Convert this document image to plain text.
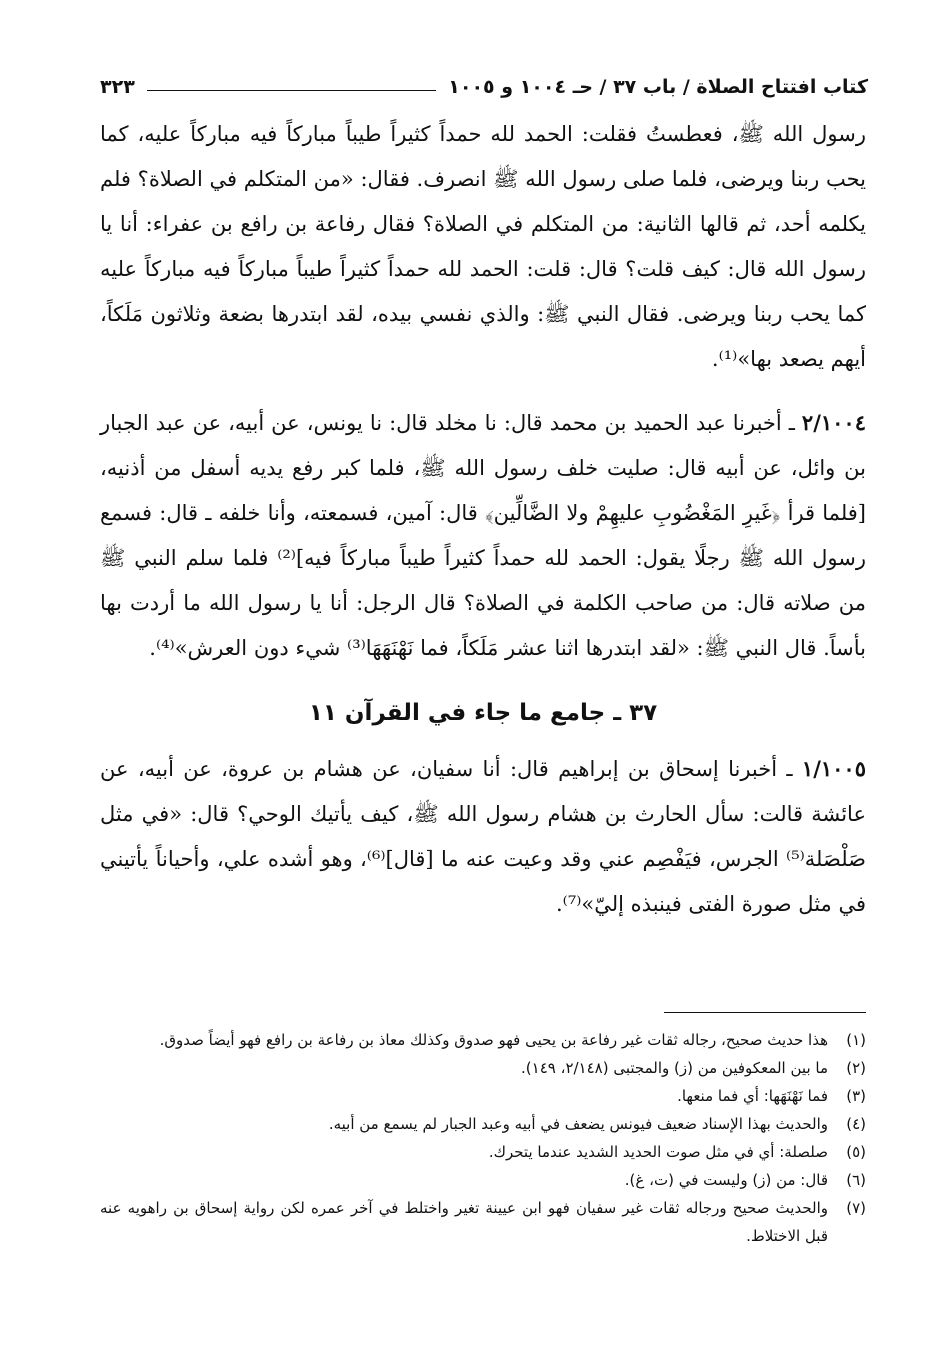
كتاب افتتاح الصلاة / باب ٣٧ / حـ ١٠٠٤ و ١٠٠٥
٣٢٣

رسول الله ﷺ، فعطستُ فقلت: الحمد لله حمداً كثيراً طيباً مباركاً فيه مباركاً عليه، كما يحب ربنا ويرضى، فلما صلى رسول الله ﷺ انصرف. فقال: «من المتكلم في الصلاة؟ فلم يكلمه أحد، ثم قالها الثانية: من المتكلم في الصلاة؟ فقال رفاعة بن رافع بن عفراء: أنا يا رسول الله قال: كيف قلت؟ قال: قلت: الحمد لله حمداً كثيراً طيباً مباركاً فيه مباركاً عليه كما يحب ربنا ويرضى. فقال النبي ﷺ: والذي نفسي بيده، لقد ابتدرها بضعة وثلاثون مَلَكاً، أيهم يصعد بها»⁽¹⁾.

٢/١٠٠٤ ـ أخبرنا عبد الحميد بن محمد قال: نا مخلد قال: نا يونس، عن أبيه، عن عبد الجبار بن وائل، عن أبيه قال: صليت خلف رسول الله ﷺ، فلما كبر رفع يديه أسفل من أذنيه، [فلما قرأ ﴿غَيرِ المَغْضُوبِ عليهِمْ ولا الضَّالِّين﴾ قال: آمين، فسمعته، وأنا خلفه ـ قال: فسمع رسول الله ﷺ رجلًا يقول: الحمد لله حمداً كثيراً طيباً مباركاً فيه]⁽²⁾ فلما سلم النبي ﷺ من صلاته قال: من صاحب الكلمة في الصلاة؟ قال الرجل: أنا يا رسول الله ما أردت بها بأساً. قال النبي ﷺ: «لقد ابتدرها اثنا عشر مَلَكاً، فما نَهْنَهَهَا⁽³⁾ شيء دون العرش»⁽⁴⁾.

٣٧ ـ جامع ما جاء في القرآن ١١

١/١٠٠٥ ـ أخبرنا إسحاق بن إبراهيم قال: أنا سفيان، عن هشام بن عروة، عن أبيه، عن عائشة قالت: سأل الحارث بن هشام رسول الله ﷺ، كيف يأتيك الوحي؟ قال: «في مثل صَلْصَلة⁽⁵⁾ الجرس، فيَفْصِم عني وقد وعيت عنه ما [قال]⁽⁶⁾، وهو أشده علي، وأحياناً يأتيني في مثل صورة الفتى فينبذه إليّ»⁽⁷⁾.

(١)
هذا حديث صحيح، رجاله ثقات غير رفاعة بن يحيى فهو صدوق وكذلك معاذ بن رفاعة بن رافع فهو أيضاً صدوق.
(٢)
ما بين المعكوفين من (ز) والمجتبى (٢/١٤٨، ١٤٩).
(٣)
فما نَهْنَهَها: أي فما منعها.
(٤)
والحديث بهذا الإسناد ضعيف فيونس يضعف في أبيه وعبد الجبار لم يسمع من أبيه.
(٥)
صلصلة: أي في مثل صوت الحديد الشديد عندما يتحرك.
(٦)
قال: من (ز) وليست في (ت، غ).
(٧)
والحديث صحيح ورجاله ثقات غير سفيان فهو ابن عيينة تغير واختلط في آخر عمره لكن رواية إسحاق بن راهويه عنه قبل الاختلاط.
